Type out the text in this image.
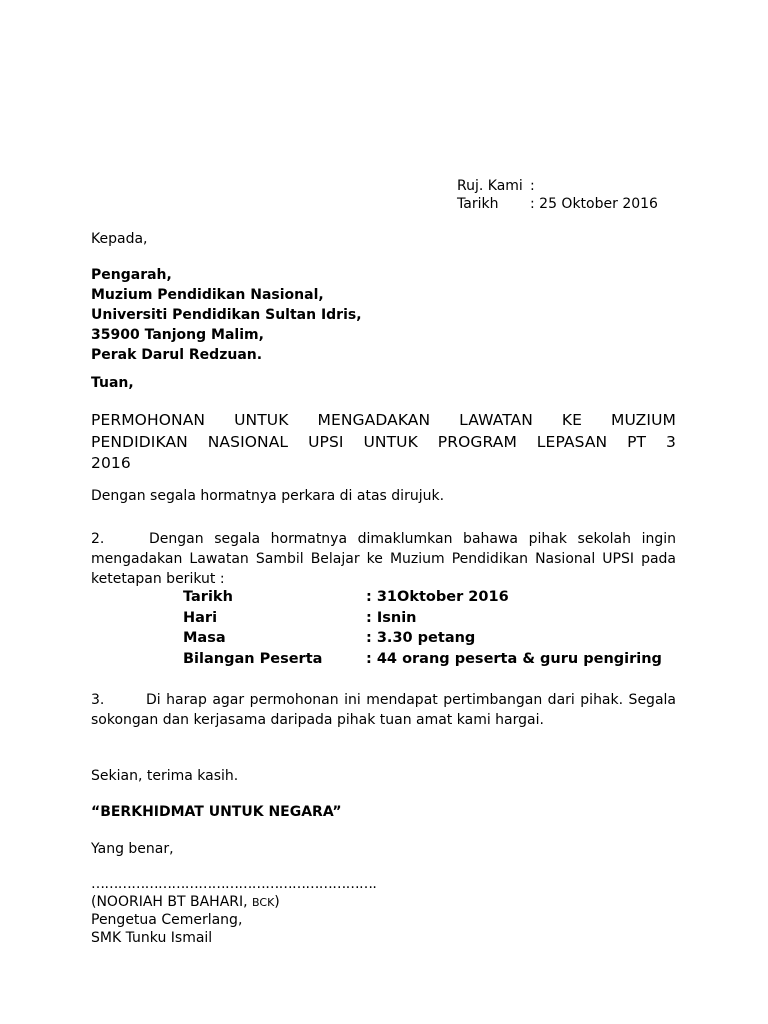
Ruj. Kami :
Tarikh : 25 Oktober 2016
Kepada,
Pengarah,
Muzium Pendidikan Nasional,
Universiti Pendidikan Sultan Idris,
35900 Tanjong Malim,
Perak Darul Redzuan.
Tuan,
PERMOHONAN UNTUK MENGADAKAN LAWATAN KE MUZIUM
PENDIDIKAN NASIONAL UPSI UNTUK PROGRAM LEPASAN PT 3
2016
Dengan segala hormatnya perkara di atas dirujuk.
2.	Dengan segala hormatnya dimaklumkan bahawa pihak sekolah ingin
mengadakan Lawatan Sambil Belajar ke Muzium Pendidikan Nasional UPSI pada
ketetapan berikut :
Tarikh	: 31Oktober 2016
Hari	: Isnin
Masa	: 3.30 petang
Bilangan Peserta	: 44 orang peserta & guru pengiring
3.	Di harap agar permohonan ini mendapat pertimbangan dari pihak. Segala
sokongan dan kerjasama daripada pihak tuan amat kami hargai.
Sekian, terima kasih.
“BERKHIDMAT UNTUK NEGARA”
Yang benar,
……………………………………………………….
(NOORIAH BT BAHARI, BCK)
Pengetua Cemerlang,
SMK Tunku Ismail
